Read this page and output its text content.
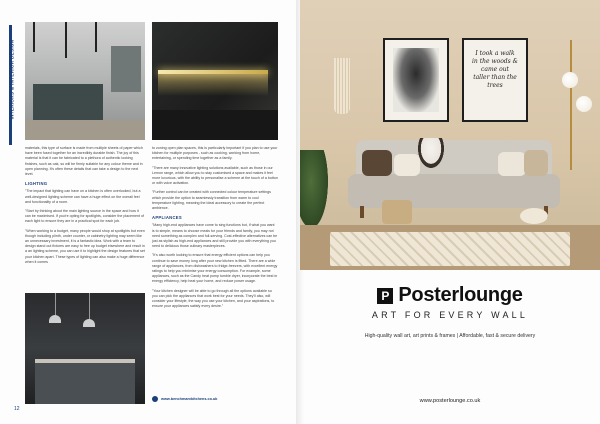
INTERIORS & INTERIOR DESIGN

materials, this type of surface is made from multiple sheets of paper which have been fused together for an incredibly durable finish. The joy of this material is that it can be fabricated to a plethora of authentic looking finishes, such as oak, so will be firmly suitable for any colour theme and in open planning. It's often these details that can take a design to the next level.

LIGHTING

"The impact that lighting can have on a kitchen is often overlooked, but a well-designed lighting scheme can have a huge effect on the overall feel and functionality of a room.

"Start by thinking about the main lighting source in the space and how it can be maximised. If you're opting for spotlights, consider the placement of each light to ensure they are in a practical spot for each job.

"When working to a budget, many people would shop at spotlights but even though including plinth, under counter, or cabinetry lighting may seem like an unnecessary investment, it is a fantastic idea. Work with a team to design stand out fixtures are easy to free up budget elsewhere and result in a an lighting scheme, you can use it to highlight the design features that set your kitchen apart. These types of lighting can also make a huge difference when it comes

to zoning open plan spaces, this is particularly important if you plan to use your kitchen for multiple purposes - such as cooking, working from home, entertaining, or spending time together as a family.

"There are many innovative lighting solutions available, such as those in our Lemon range, which allow you to stay customised a space and makes it feel more luxurious, with the ability to personalise a scheme at the touch of a button or with voice activation.

"Further control can be created with connected colour temperature settings which provide the option to seamlessly transition from warm to cool temperature lighting, meaning the ideal accessory to create the perfect ambience.

APPLIANCES

"Many high-end appliances have come to sing functions but, if what you want is to simple, means to choose meals for your friends and family, you may not need something as complex and full-serving. Cost-effective alternatives can be just as stylish as high-end appliances and still provide you with everything you need to delicious those culinary masterpieces.

"It's also worth looking to ensure that energy efficient options can help you continue to save money long after your new kitchen is fitted. There are a wide range of appliances, from dishwashers to fridge-freezers, with excellent energy ratings to help you minimise your energy consumption. For example, some appliances, such as the Candy heat pump tumble dryer, incorporate the best in energy efficiency, help heat your home, and reduce power usage.

"Your kitchen designer will be able to go through all the options available so you can pick the appliances that work best for your needs. They'll also, will consider your lifestyle, the way you use your kitchen, and your aspirations, to ensure your appliances satisfy every desire."

www.benchmarxkitchens.co.uk
12
I took a walk in the woods & came out taller than the trees
P Posterlounge
ART FOR EVERY WALL
High-quality wall art, art prints & frames | Affordable, fast & secure delivery
www.posterlounge.co.uk
